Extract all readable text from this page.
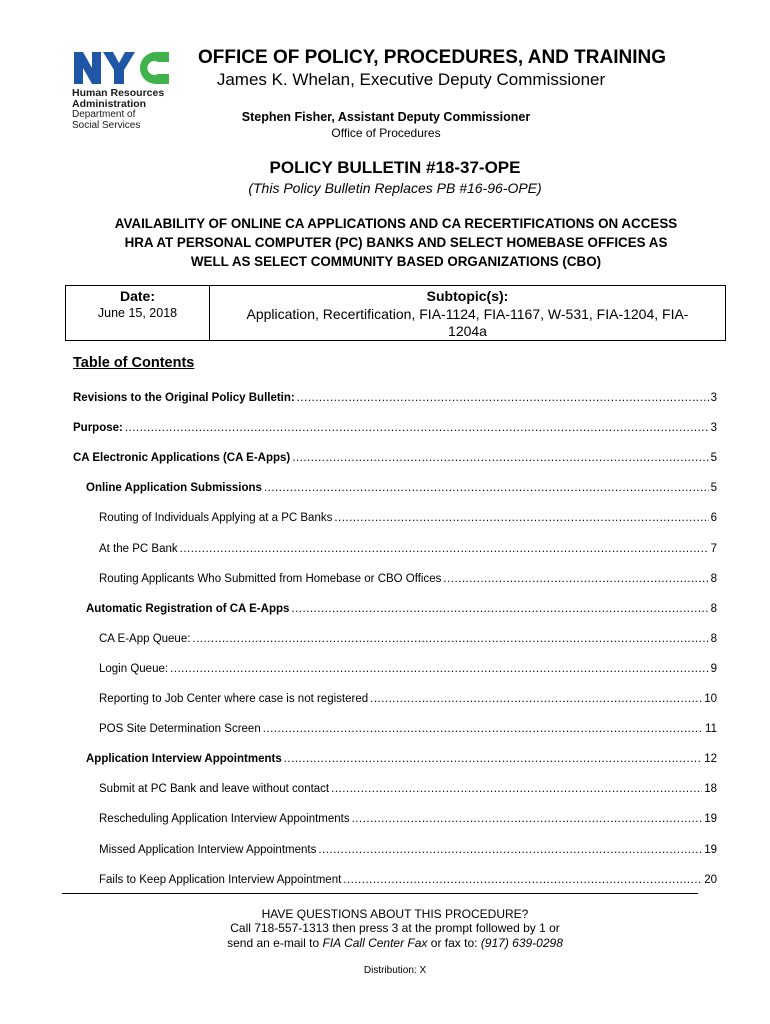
Human Resources
Administration
Department of
Social Services
OFFICE OF POLICY, PROCEDURES, AND TRAINING
James K. Whelan, Executive Deputy Commissioner
Stephen Fisher, Assistant Deputy Commissioner
Office of Procedures
POLICY BULLETIN #18-37-OPE
(This Policy Bulletin Replaces PB #16-96-OPE)
AVAILABILITY OF ONLINE CA APPLICATIONS AND CA RECERTIFICATIONS ON ACCESS
HRA AT PERSONAL COMPUTER (PC) BANKS AND SELECT HOMEBASE OFFICES AS
WELL AS SELECT COMMUNITY BASED ORGANIZATIONS (CBO)
Date:
June 15, 2018
Subtopic(s):
Application, Recertification, FIA-1124, FIA-1167, W-531, FIA-1204, FIA-
1204a
Table of Contents
Revisions to the Original Policy Bulletin: .....	3
Purpose: .....	3
CA Electronic Applications (CA E-Apps) .....	5
Online Application Submissions .....	5
Routing of Individuals Applying at a PC Banks .....	6
At the PC Bank .....	7
Routing Applicants Who Submitted from Homebase or CBO Offices .....	8
Automatic Registration of CA E-Apps .....	8
CA E-App Queue: .....	8
Login Queue: .....	9
Reporting to Job Center where case is not registered .....	10
POS Site Determination Screen .....	11
Application Interview Appointments .....	12
Submit at PC Bank and leave without contact .....	18
Rescheduling Application Interview Appointments .....	19
Missed Application Interview Appointments .....	19
Fails to Keep Application Interview Appointment .....	20
HAVE QUESTIONS ABOUT THIS PROCEDURE?
Call 718-557-1313 then press 3 at the prompt followed by 1 or
send an e-mail to FIA Call Center Fax or fax to: (917) 639-0298
Distribution: X
